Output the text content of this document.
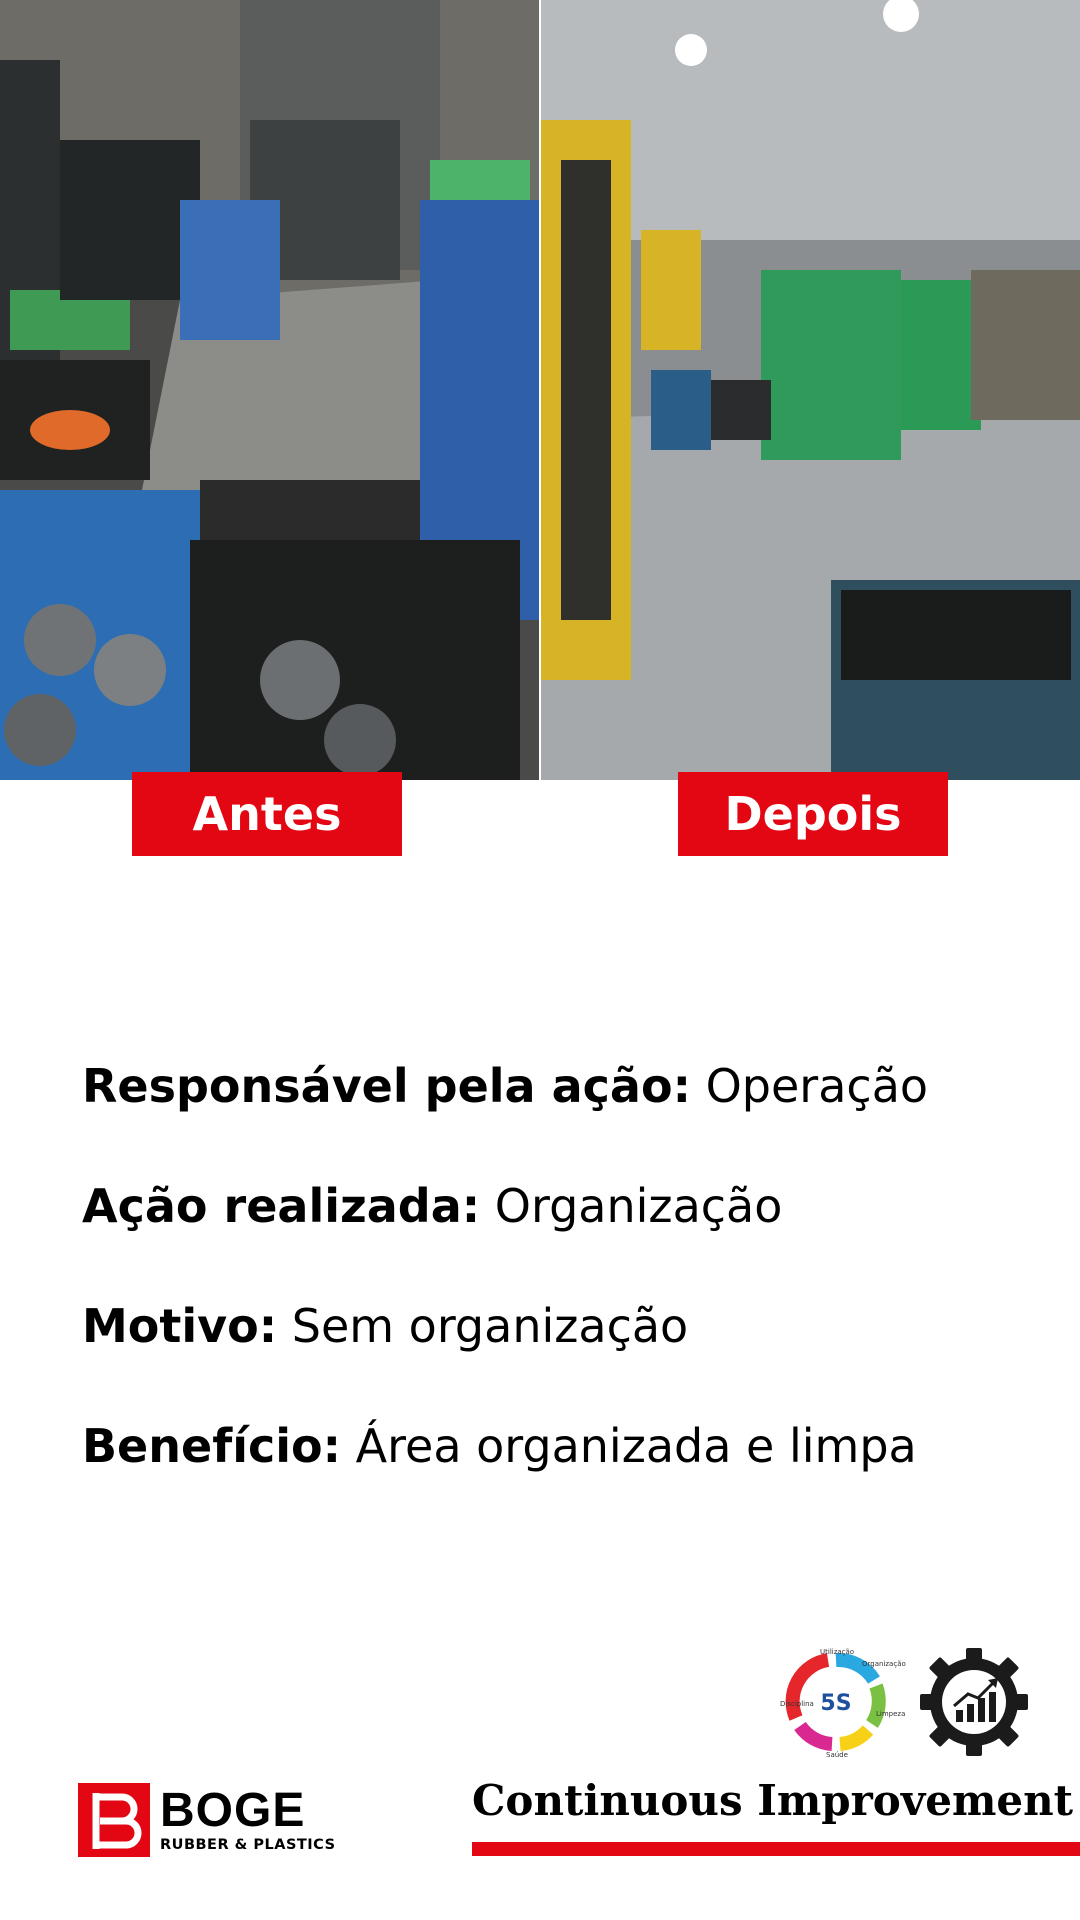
Antes	Depois
Responsável pela ação: Operação
Ação realizada: Organização
Motivo: Sem organização
Benefício: Área organizada e limpa
5S
Utilização
Organização
Limpeza
Saúde
Disciplina
BOGE
RUBBER & PLASTICS
Continuous Improvement
